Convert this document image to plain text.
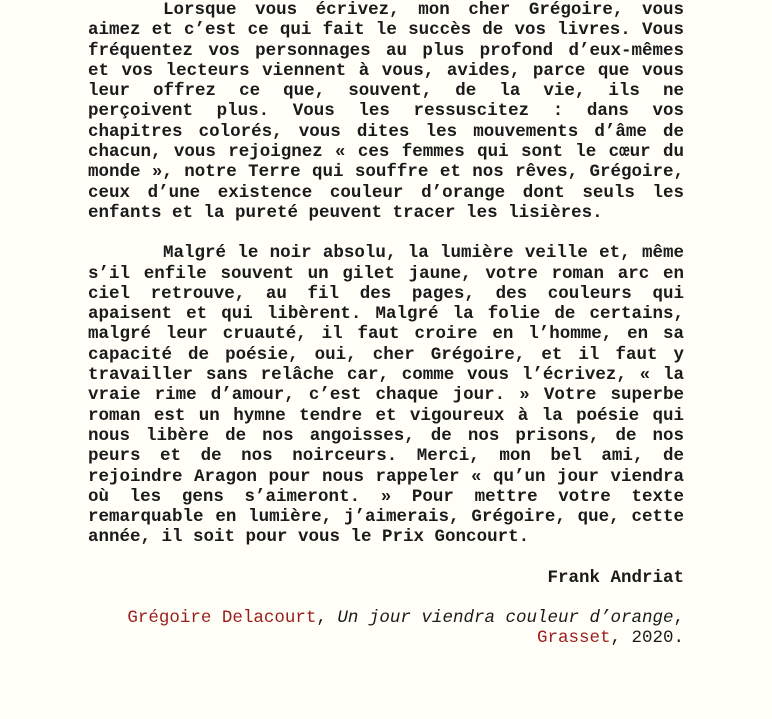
Lorsque vous écrivez, mon cher Grégoire, vous aimez et c’est ce qui fait le succès de vos livres. Vous fréquentez vos personnages au plus profond d’eux-mêmes et vos lecteurs viennent à vous, avides, parce que vous leur offrez ce que, souvent, de la vie, ils ne perçoivent plus. Vous les ressuscitez : dans vos chapitres colorés, vous dites les mouvements d’âme de chacun, vous rejoignez « ces femmes qui sont le cœur du monde », notre Terre qui souffre et nos rêves, Grégoire, ceux d’une existence couleur d’orange dont seuls les enfants et la pureté peuvent tracer les lisières.

Malgré le noir absolu, la lumière veille et, même s’il enfile souvent un gilet jaune, votre roman arc en ciel retrouve, au fil des pages, des couleurs qui apaisent et qui libèrent. Malgré la folie de certains, malgré leur cruauté, il faut croire en l’homme, en sa capacité de poésie, oui, cher Grégoire, et il faut y travailler sans relâche car, comme vous l’écrivez, « la vraie rime d’amour, c’est chaque jour. » Votre superbe roman est un hymne tendre et vigoureux à la poésie qui nous libère de nos angoisses, de nos prisons, de nos peurs et de nos noirceurs. Merci, mon bel ami, de rejoindre Aragon pour nous rappeler « qu’un jour viendra où les gens s’aimeront. » Pour mettre votre texte remarquable en lumière, j’aimerais, Grégoire, que, cette année, il soit pour vous le Prix Goncourt.

Frank Andriat
Grégoire Delacourt, Un jour viendra couleur d’orange, Grasset, 2020.
